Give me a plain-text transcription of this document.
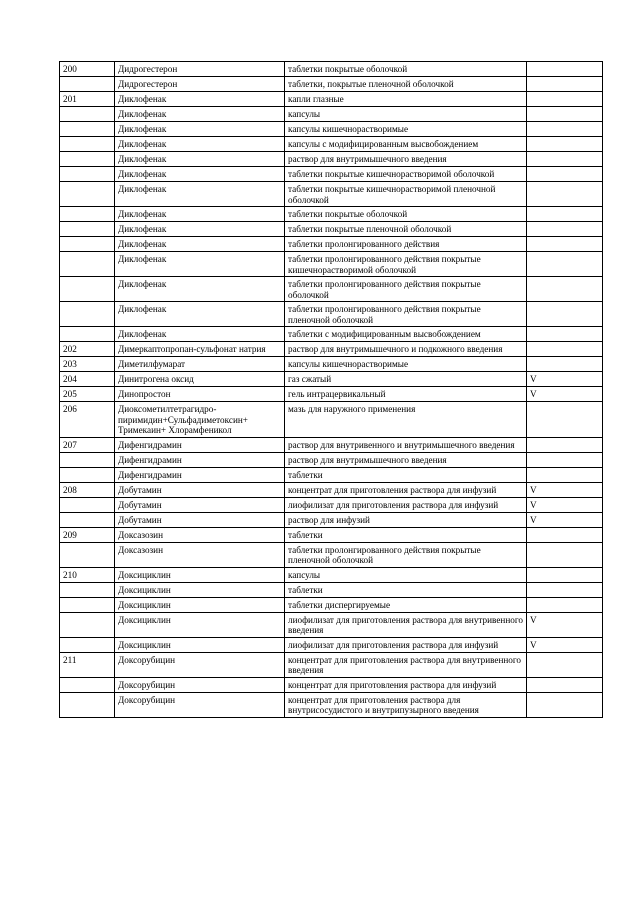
200	Дидрогестерон	таблетки покрытые оболочкой	
	Дидрогестерон	таблетки, покрытые пленочной оболочкой	
201	Диклофенак	капли глазные	
	Диклофенак	капсулы	
	Диклофенак	капсулы кишечнорастворимые	
	Диклофенак	капсулы с модифицированным высвобождением	
	Диклофенак	раствор для внутримышечного введения	
	Диклофенак	таблетки покрытые кишечнорастворимой оболочкой	
	Диклофенак	таблетки покрытые кишечнорастворимой пленочной оболочкой	
	Диклофенак	таблетки покрытые оболочкой	
	Диклофенак	таблетки покрытые пленочной оболочкой	
	Диклофенак	таблетки пролонгированного действия	
	Диклофенак	таблетки пролонгированного действия покрытые кишечнорастворимой оболочкой	
	Диклофенак	таблетки пролонгированного действия покрытые оболочкой	
	Диклофенак	таблетки пролонгированного действия покрытые пленочной оболочкой	
	Диклофенак	таблетки с модифицированным высвобождением	
202	Димеркаптопропан-сульфонат натрия	раствор для внутримышечного и подкожного введения	
203	Диметилфумарат	капсулы кишечнорастворимые	
204	Динитрогена оксид	газ сжатый	V
205	Динопростон	гель интрацервикальный	V
206	Диоксометилтетрагидро-пиримидин+Сульфадиметоксин+ Тримекаин+ Хлорамфеникол	мазь для наружного применения	
207	Дифенгидрамин	раствор для внутривенного и внутримышечного введения	
	Дифенгидрамин	раствор для внутримышечного введения	
	Дифенгидрамин	таблетки	
208	Добутамин	концентрат для приготовления раствора для инфузий	V
	Добутамин	лиофилизат для приготовления раствора для инфузий	V
	Добутамин	раствор для инфузий	V
209	Доксазозин	таблетки	
	Доксазозин	таблетки пролонгированного действия покрытые пленочной оболочкой	
210	Доксициклин	капсулы	
	Доксициклин	таблетки	
	Доксициклин	таблетки диспергируемые	
	Доксициклин	лиофилизат для приготовления раствора для внутривенного введения	V
	Доксициклин	лиофилизат для приготовления раствора для инфузий	V
211	Доксорубицин	концентрат для приготовления раствора для внутривенного введения	
	Доксорубицин	концентрат для приготовления раствора для инфузий	
	Доксорубицин	концентрат для приготовления раствора для внутрисосудистого и внутрипузырного введения	
